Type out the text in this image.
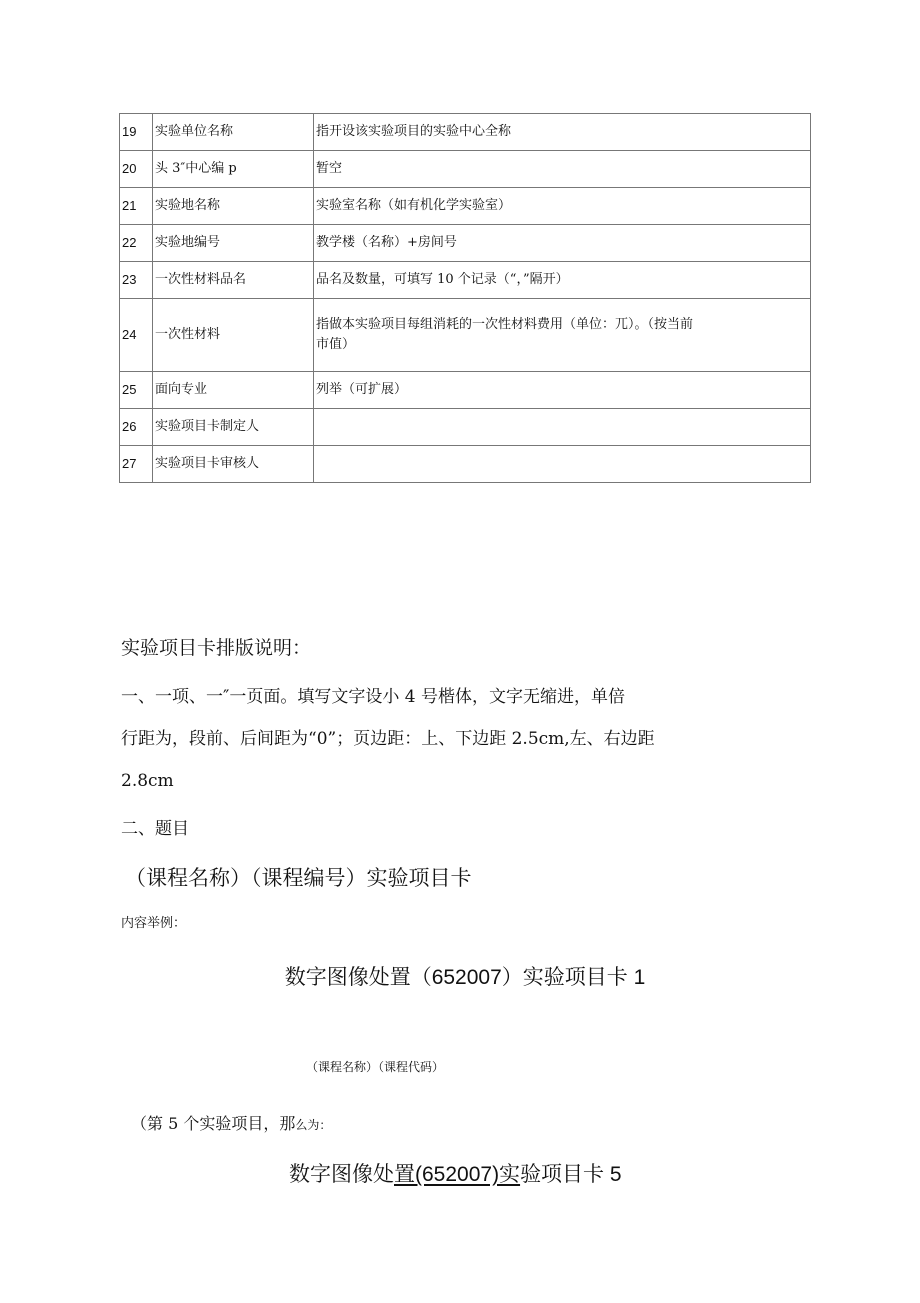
19	实验单位名称	指开设该实验项目的实验中心全称
20	头 3″中心编 p	暂空
21	实验地名称	实验室名称（如有机化学实验室）
22	实验地编号	教学楼（名称）+房间号
23	一次性材料品名	品名及数量，可填写 10 个记录（“，”隔开）
24	一次性材料	指做本实验项目每组消耗的一次性材料费用（单位：兀）。（按当前
市值）

25	面向专业	列举（可扩展）
26	实验项目卡制定人	
27	实验项目卡审核人	
实验项目卡排版说明：
一、一项、一″一页面。填写文字设小 4 号楷体，文字无缩进，单倍
行距为，段前、后间距为“0”；页边距：上、下边距 2.5cm,左、右边距
2.8cm
二、题目
（课程名称）（课程编号）实验项目卡
内容举例：
数字图像处置（652007）实验项目卡 1
（课程名称）（课程代码）
（第 5 个实验项目，那么为：
数字图像处置(652007)实验项目卡 5
